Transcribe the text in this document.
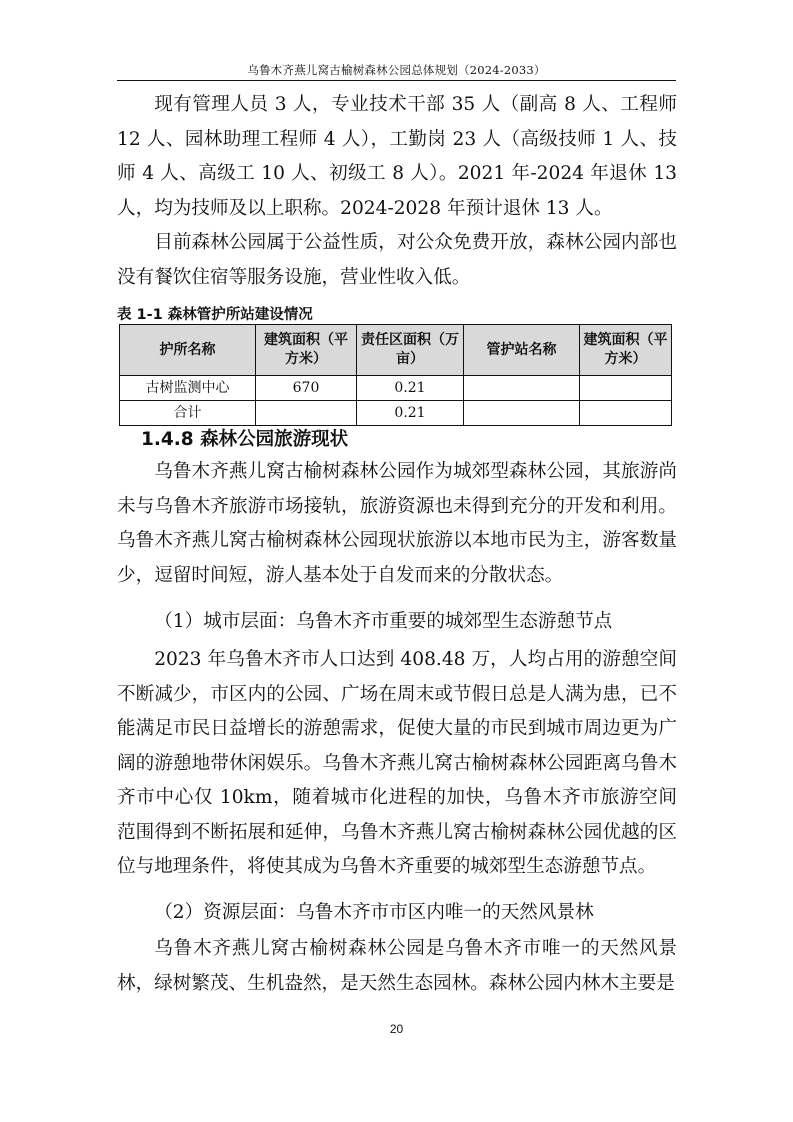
乌鲁木齐燕儿窝古榆树森林公园总体规划（2024-2033）

现有管理人员 3 人，专业技术干部 35 人（副高 8 人、工程师 12 人、园林助理工程师 4 人），工勤岗 23 人（高级技师 1 人、技师 4 人、高级工 10 人、初级工 8 人）。2021 年-2024 年退休 13 人，均为技师及以上职称。2024-2028 年预计退休 13 人。

目前森林公园属于公益性质，对公众免费开放，森林公园内部也没有餐饮住宿等服务设施，营业性收入低。

表 1-1 森林管护所站建设情况
护所名称	建筑面积（平方米）	责任区面积（万亩）	管护站名称	建筑面积（平方米）
古树监测中心	670	0.21		
合计		0.21		
1.4.8 森林公园旅游现状

乌鲁木齐燕儿窝古榆树森林公园作为城郊型森林公园，其旅游尚未与乌鲁木齐旅游市场接轨，旅游资源也未得到充分的开发和利用。乌鲁木齐燕儿窝古榆树森林公园现状旅游以本地市民为主，游客数量少，逗留时间短，游人基本处于自发而来的分散状态。

（1）城市层面：乌鲁木齐市重要的城郊型生态游憩节点

2023 年乌鲁木齐市人口达到 408.48 万，人均占用的游憩空间不断减少，市区内的公园、广场在周末或节假日总是人满为患，已不能满足市民日益增长的游憩需求，促使大量的市民到城市周边更为广阔的游憩地带休闲娱乐。乌鲁木齐燕儿窝古榆树森林公园距离乌鲁木齐市中心仅 10km，随着城市化进程的加快，乌鲁木齐市旅游空间范围得到不断拓展和延伸，乌鲁木齐燕儿窝古榆树森林公园优越的区位与地理条件，将使其成为乌鲁木齐重要的城郊型生态游憩节点。

（2）资源层面：乌鲁木齐市市区内唯一的天然风景林

乌鲁木齐燕儿窝古榆树森林公园是乌鲁木齐市唯一的天然风景林，绿树繁茂、生机盎然，是天然生态园林。森林公园内林木主要是

20
